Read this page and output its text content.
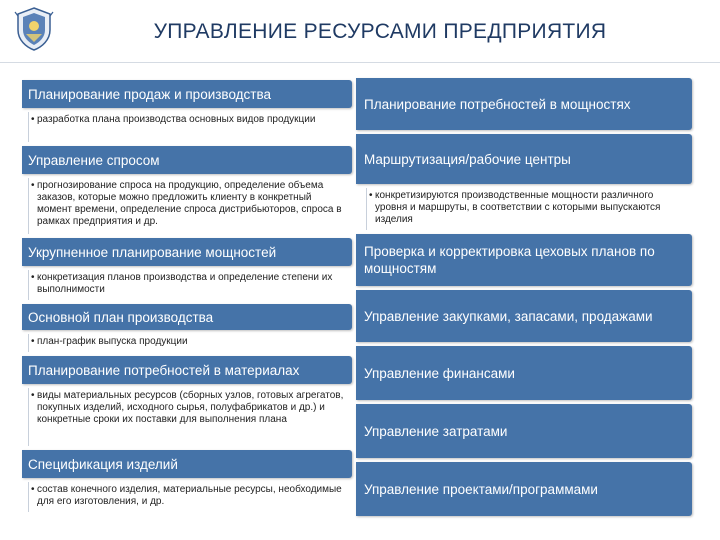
УПРАВЛЕНИЕ РЕСУРСАМИ ПРЕДПРИЯТИЯ
Планирование продаж и производства
• разработка плана производства основных видов продукции
Управление спросом
• прогнозирование спроса на продукцию, определение объема заказов, которые можно предложить клиенту в конкретный момент времени, определение спроса дистрибьюторов, спроса в рамках предприятия и др.
Укрупненное планирование мощностей
• конкретизация планов производства и определение степени их выполнимости
Основной план производства
• план-график выпуска продукции
Планирование потребностей в материалах
• виды материальных ресурсов (сборных узлов, готовых агрегатов, покупных изделий, исходного сырья, полуфабрикатов и др.) и конкретные сроки их поставки для выполнения плана
Спецификация изделий
• состав конечного изделия, материальные ресурсы, необходимые для его изготовления, и др.
Планирование потребностей в мощностях
Маршрутизация/рабочие центры
• конкретизируются производственные мощности различного уровня и маршруты, в соответствии с которыми выпускаются изделия
Проверка и корректировка цеховых планов по мощностям
Управление закупками, запасами, продажами
Управление финансами
Управление затратами
Управление проектами/программами
